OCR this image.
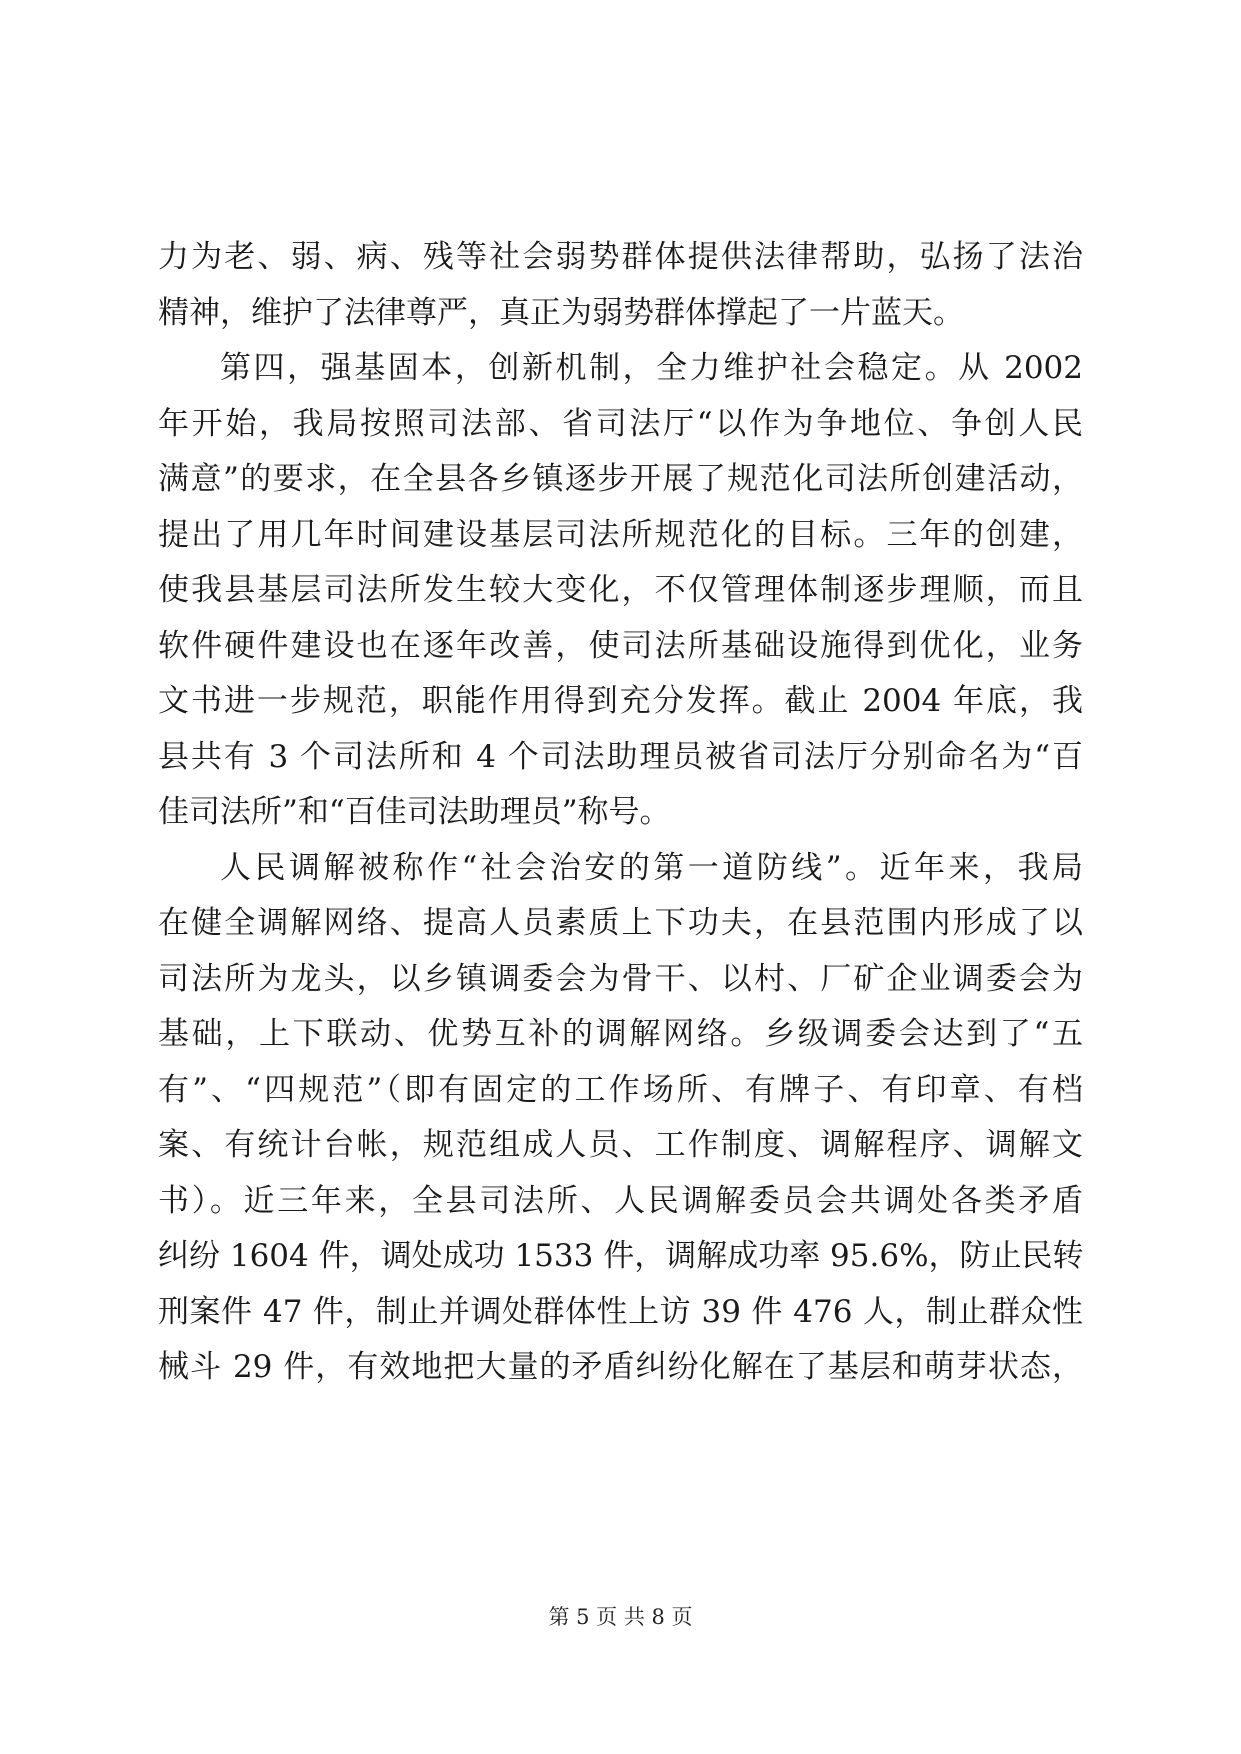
力为老、弱、病、残等社会弱势群体提供法律帮助，弘扬了法治
精神，维护了法律尊严，真正为弱势群体撑起了一片蓝天。

第四，强基固本，创新机制，全力维护社会稳定。从 2002
年开始，我局按照司法部、省司法厅“以作为争地位、争创人民
满意”的要求，在全县各乡镇逐步开展了规范化司法所创建活动，
提出了用几年时间建设基层司法所规范化的目标。三年的创建，
使我县基层司法所发生较大变化，不仅管理体制逐步理顺，而且
软件硬件建设也在逐年改善，使司法所基础设施得到优化，业务
文书进一步规范，职能作用得到充分发挥。截止 2004 年底，我
县共有 3 个司法所和 4 个司法助理员被省司法厅分别命名为“百
佳司法所”和“百佳司法助理员”称号。

人民调解被称作“社会治安的第一道防线”。近年来，我局
在健全调解网络、提高人员素质上下功夫，在县范围内形成了以
司法所为龙头，以乡镇调委会为骨干、以村、厂矿企业调委会为
基础，上下联动、优势互补的调解网络。乡级调委会达到了“五
有”、“四规范”（即有固定的工作场所、有牌子、有印章、有档
案、有统计台帐，规范组成人员、工作制度、调解程序、调解文
书）。近三年来，全县司法所、人民调解委员会共调处各类矛盾
纠纷 1604 件，调处成功 1533 件，调解成功率 95.6%，防止民转
刑案件 47 件，制止并调处群体性上访 39 件 476 人，制止群众性
械斗 29 件，有效地把大量的矛盾纠纷化解在了基层和萌芽状态，

第 5 页 共 8 页
